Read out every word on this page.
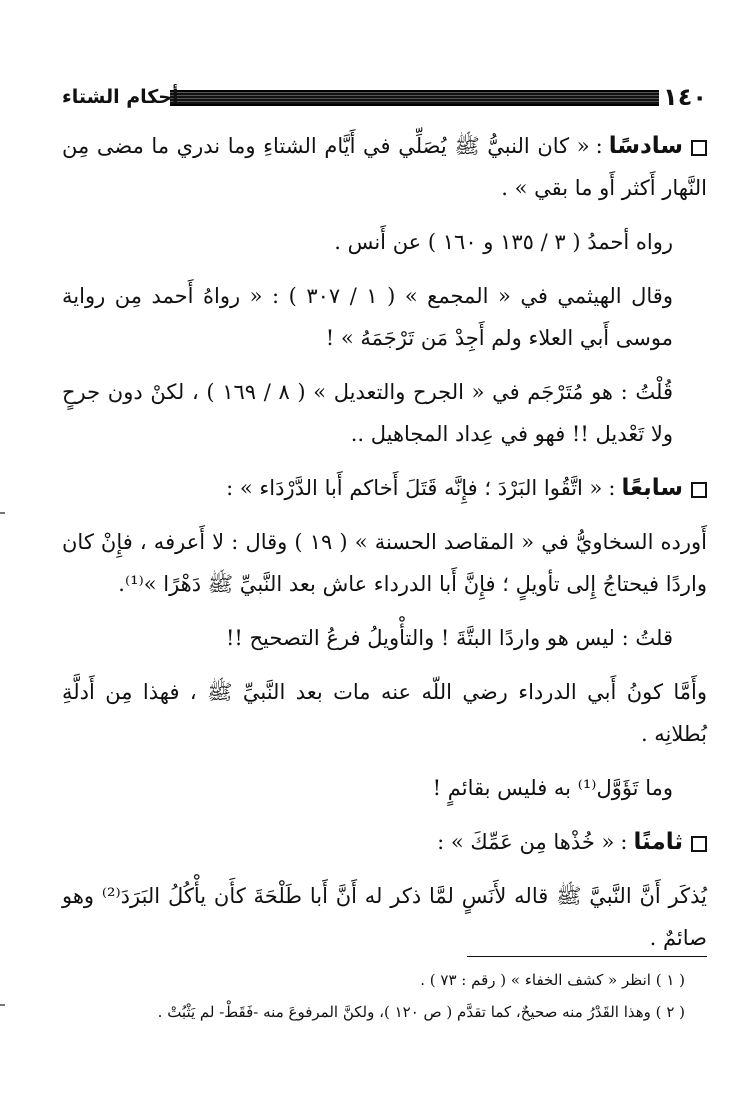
١٤٠
أحكام الشتاء

سادسًا:« كان النبيُّ ﷺ يُصَلِّي في أَيَّام الشتاءِ وما ندري ما مضى مِن النَّهار أَكثر أَو ما بقي » .

رواه أحمدُ ( ٣ / ١٣٥ و ١٦٠ ) عن أَنس .

وقال الهيثمي في « المجمع » ( ١ / ٣٠٧ ) : « رواهُ أَحمد مِن رواية موسى أَبي العلاء ولم أَجِدْ مَن تَرْجَمَهُ » !

قُلْتُ : هو مُتَرْجَم في « الجرح والتعديل » ( ٨ / ١٦٩ ) ، لكنْ دون جرحٍ ولا تَعْديل !! فهو في عِداد المجاهيل ..

سابعًا:« اتَّقُوا البَرْدَ ؛ فإِنَّه قَتَلَ أَخاكم أَبا الدَّرْدَاء » :

أَورده السخاويُّ في « المقاصد الحسنة » ( ١٩ ) وقال : لا أَعرفه ، فإِنْ كان واردًا فيحتاجُ إِلى تأويلٍ ؛ فإِنَّ أَبا الدرداء عاش بعد النَّبيِّ ﷺ دَهْرًا »⁽¹⁾.

قلتُ : ليس هو واردًا البتَّةَ ! والتأْويلُ فرعُ التصحيح !!

وأَمَّا كونُ أَبي الدرداء رضي اللّه عنه مات بعد النَّبيِّ ﷺ ، فهذا مِن أَدلَّةِ بُطلانِه .

وما تَؤَوَّل⁽¹⁾ به فليس بقائمٍ !

ثامنًا:« خُذْها مِن عَمِّكَ » :

يُذكَر أَنَّ النَّبيَّ ﷺ قاله لأَنَسٍ لمَّا ذكر له أَنَّ أَبا طَلْحَةَ كأَن يأْكُلُ البَرَدَ⁽²⁾ وهو صائمٌ .

( ١ ) انظر « كشف الخفاء » ( رقم : ٧٣ ) .

( ٢ ) وهذا القَدْرُ منه صحيحٌ، كما تقدَّم ( ص ١٢٠ )، ولكنَّ المرفوعَ منه -فَقَطْ- لم يَثْبُتْ .
